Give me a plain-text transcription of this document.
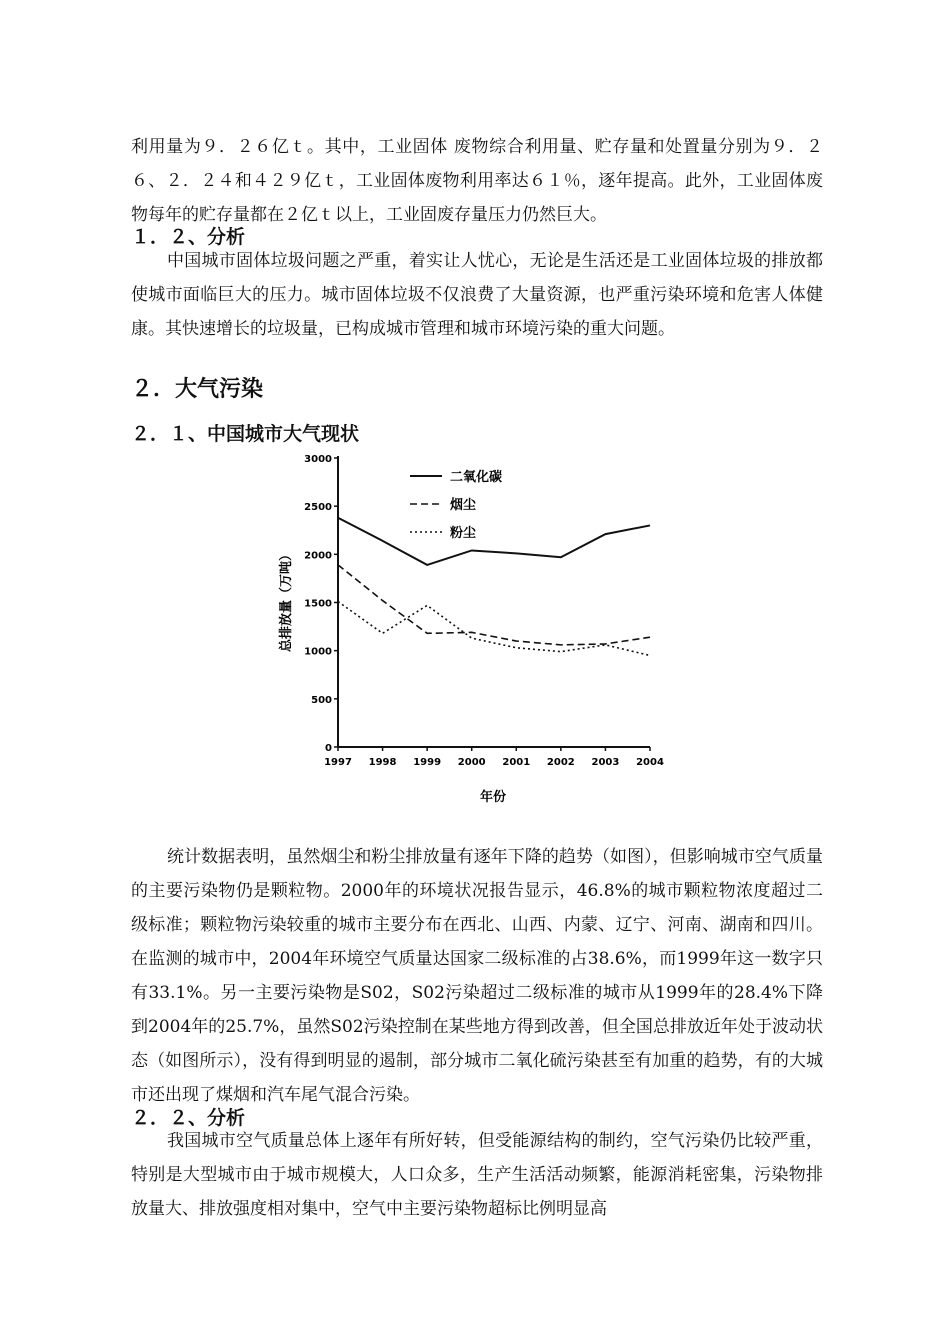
利用量为９．２６亿ｔ。其中，工业固体 废物综合利用量、贮存量和处置量分别为９．２６、２．２４和４２９亿ｔ，工业固体废物利用率达６１％，逐年提高。此外，工业固体废物每年的贮存量都在２亿ｔ以上，工业固废存量压力仍然巨大。

１．２、分析

中国城市固体垃圾问题之严重，着实让人忧心，无论是生活还是工业固体垃圾的排放都使城市面临巨大的压力。城市固体垃圾不仅浪费了大量资源，也严重污染环境和危害人体健康。其快速增长的垃圾量，已构成城市管理和城市环境污染的重大问题。

２．大气污染

２．１、中国城市大气现状

0
500
1000
1500
2000
2500
3000
1997 1998 1999 2000 2001 2002 2003 2004
二氧化碳
烟尘
粉尘
总排放量（万吨）
年份

统计数据表明，虽然烟尘和粉尘排放量有逐年下降的趋势（如图），但影响城市空气质量的主要污染物仍是颗粒物。2000年的环境状况报告显示，46.8%的城市颗粒物浓度超过二级标准；颗粒物污染较重的城市主要分布在西北、山西、内蒙、辽宁、河南、湖南和四川。在监测的城市中，2004年环境空气质量达国家二级标准的占38.6%，而1999年这一数字只有33.1%。另一主要污染物是S02，S02污染超过二级标准的城市从1999年的28.4%下降到2004年的25.7%，虽然S02污染控制在某些地方得到改善，但全国总排放近年处于波动状态（如图所示），没有得到明显的遏制，部分城市二氧化硫污染甚至有加重的趋势，有的大城市还出现了煤烟和汽车尾气混合污染。

２．２、分析

我国城市空气质量总体上逐年有所好转，但受能源结构的制约，空气污染仍比较严重，特别是大型城市由于城市规模大，人口众多，生产生活活动频繁，能源消耗密集，污染物排放量大、排放强度相对集中，空气中主要污染物超标比例明显高
